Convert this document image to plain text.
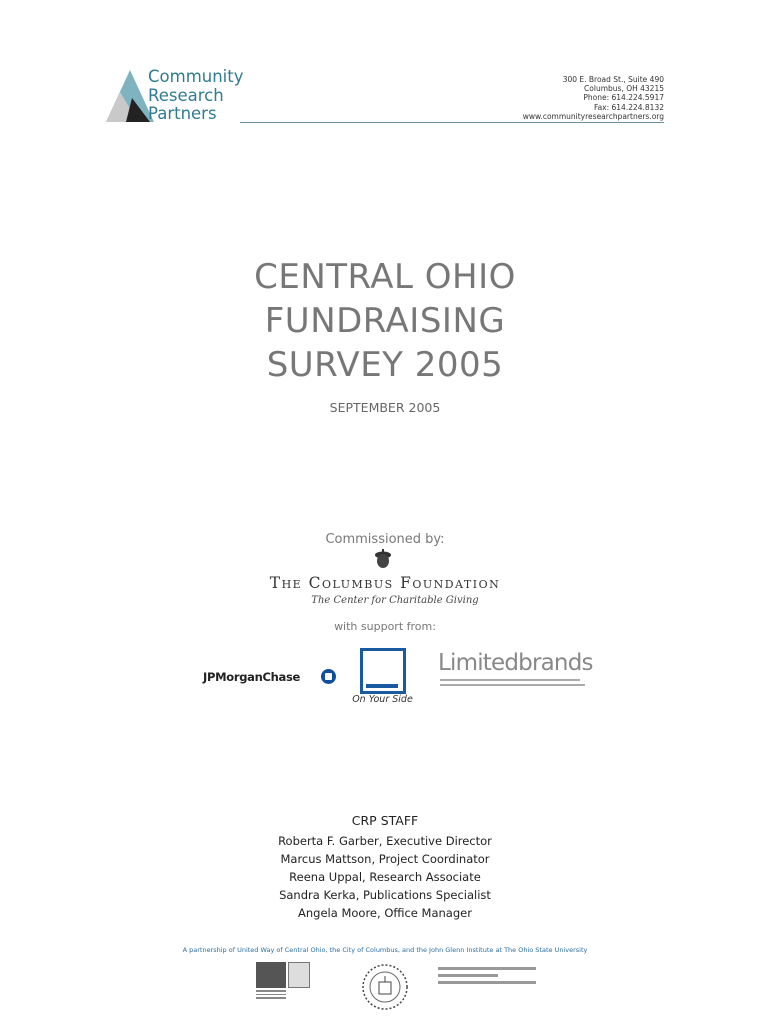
Community
Research
Partners
300 E. Broad St., Suite 490
Columbus, OH 43215
Phone: 614.224.5917
Fax: 614.224.8132
www.communityresearchpartners.org
CENTRAL OHIO
FUNDRAISING
SURVEY 2005
SEPTEMBER 2005
Commissioned by:
The Columbus Foundation
The Center for Charitable Giving
with support from:
JPMorganChase
On Your Side
Limitedbrands
CRP STAFF
Roberta F. Garber, Executive Director
Marcus Mattson, Project Coordinator
Reena Uppal, Research Associate
Sandra Kerka, Publications Specialist
Angela Moore, Office Manager
A partnership of United Way of Central Ohio, the City of Columbus, and the John Glenn Institute at The Ohio State University
